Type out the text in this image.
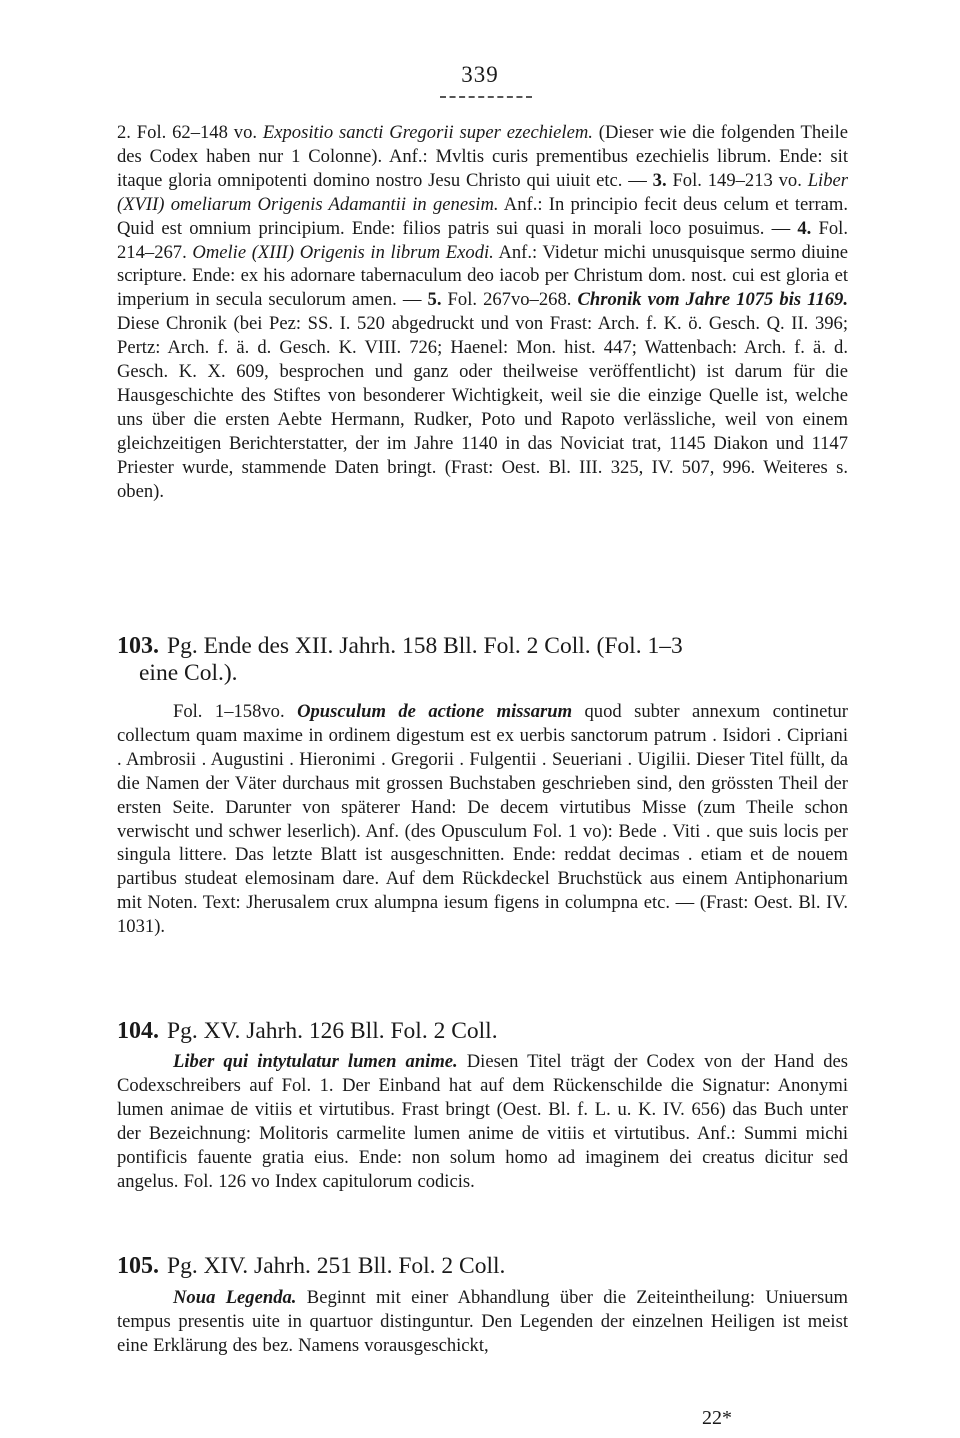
339

2. Fol. 62–148 vo. Expositio sancti Gregorii super ezechielem. (Dieser wie die folgenden Theile des Codex haben nur 1 Colonne). Anf.: Mvltis curis prementibus ezechielis librum. Ende: sit itaque gloria omnipotenti domino nostro Jesu Christo qui uiuit etc. — 3. Fol. 149–213 vo. Liber (XVII) omeliarum Origenis Adamantii in genesim. Anf.: In principio fecit deus celum et terram. Quid est omnium principium. Ende: filios patris sui quasi in morali loco posuimus. — 4. Fol. 214–267. Omelie (XIII) Origenis in librum Exodi. Anf.: Videtur michi unusquisque sermo diuine scripture. Ende: ex his adornare tabernaculum deo iacob per Christum dom. nost. cui est gloria et imperium in secula seculorum amen. — 5. Fol. 267vo–268. Chronik vom Jahre 1075 bis 1169. Diese Chronik (bei Pez: SS. I. 520 abgedruckt und von Frast: Arch. f. K. ö. Gesch. Q. II. 396; Pertz: Arch. f. ä. d. Gesch. K. VIII. 726; Haenel: Mon. hist. 447; Wattenbach: Arch. f. ä. d. Gesch. K. X. 609, besprochen und ganz oder theilweise veröffentlicht) ist darum für die Hausgeschichte des Stiftes von besonderer Wichtigkeit, weil sie die einzige Quelle ist, welche uns über die ersten Aebte Hermann, Rudker, Poto und Rapoto verlässliche, weil von einem gleichzeitigen Berichterstatter, der im Jahre 1140 in das Noviciat trat, 1145 Diakon und 1147 Priester wurde, stammende Daten bringt. (Frast: Oest. Bl. III. 325, IV. 507, 996. Weiteres s. oben).

103. Pg. Ende des XII. Jahrh. 158 Bll. Fol. 2 Coll. (Fol. 1–3
eine Col.).

Fol. 1–158vo. Opusculum de actione missarum quod subter annexum continetur collectum quam maxime in ordinem digestum est ex uerbis sanctorum patrum . Isidori . Cipriani . Ambrosii . Augustini . Hieronimi . Gregorii . Fulgentii . Seueriani . Uigilii. Dieser Titel füllt, da die Namen der Väter durchaus mit grossen Buchstaben geschrieben sind, den grössten Theil der ersten Seite. Darunter von späterer Hand: De decem virtutibus Misse (zum Theile schon verwischt und schwer leserlich). Anf. (des Opusculum Fol. 1 vo): Bede . Viti . que suis locis per singula littere. Das letzte Blatt ist ausgeschnitten. Ende: reddat decimas . etiam et de nouem partibus studeat elemosinam dare. Auf dem Rückdeckel Bruchstück aus einem Antiphonarium mit Noten. Text: Jherusalem crux alumpna iesum figens in columpna etc. — (Frast: Oest. Bl. IV. 1031).

104. Pg. XV. Jahrh. 126 Bll. Fol. 2 Coll.

Liber qui intytulatur lumen anime. Diesen Titel trägt der Codex von der Hand des Codexschreibers auf Fol. 1. Der Einband hat auf dem Rückenschilde die Signatur: Anonymi lumen animae de vitiis et virtutibus. Frast bringt (Oest. Bl. f. L. u. K. IV. 656) das Buch unter der Bezeichnung: Molitoris carmelite lumen anime de vitiis et virtutibus. Anf.: Summi michi pontificis fauente gratia eius. Ende: non solum homo ad imaginem dei creatus dicitur sed angelus. Fol. 126 vo Index capitulorum codicis.

105. Pg. XIV. Jahrh. 251 Bll. Fol. 2 Coll.

Noua Legenda. Beginnt mit einer Abhandlung über die Zeiteintheilung: Uniuersum tempus presentis uite in quartuor distinguntur. Den Legenden der einzelnen Heiligen ist meist eine Erklärung des bez. Namens vorausgeschickt,

22*
